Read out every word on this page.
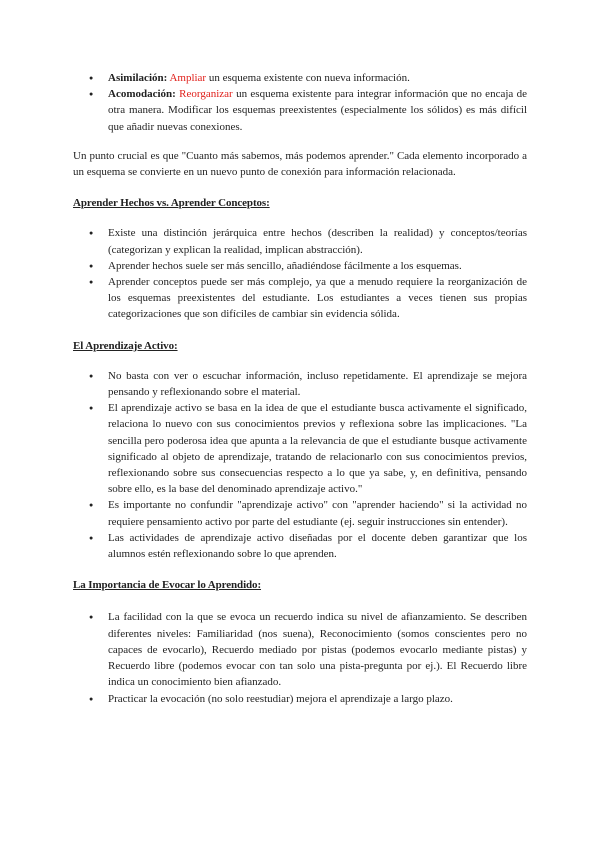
● Asimilación: Ampliar un esquema existente con nueva información.
● Acomodación: Reorganizar un esquema existente para integrar información que no encaja de otra manera. Modificar los esquemas preexistentes (especialmente los sólidos) es más difícil que añadir nuevas conexiones.

Un punto crucial es que "Cuanto más sabemos, más podemos aprender." Cada elemento incorporado a un esquema se convierte en un nuevo punto de conexión para información relacionada.

Aprender Hechos vs. Aprender Conceptos:
● Existe una distinción jerárquica entre hechos (describen la realidad) y conceptos/teorías (categorizan y explican la realidad, implican abstracción).
● Aprender hechos suele ser más sencillo, añadiéndose fácilmente a los esquemas.
● Aprender conceptos puede ser más complejo, ya que a menudo requiere la reorganización de los esquemas preexistentes del estudiante. Los estudiantes a veces tienen sus propias categorizaciones que son difíciles de cambiar sin evidencia sólida.
El Aprendizaje Activo:
● No basta con ver o escuchar información, incluso repetidamente. El aprendizaje se mejora pensando y reflexionando sobre el material.
● El aprendizaje activo se basa en la idea de que el estudiante busca activamente el significado, relaciona lo nuevo con sus conocimientos previos y reflexiona sobre las implicaciones. "La sencilla pero poderosa idea que apunta a la relevancia de que el estudiante busque activamente significado al objeto de aprendizaje, tratando de relacionarlo con sus conocimientos previos, reflexionando sobre sus consecuencias respecto a lo que ya sabe, y, en definitiva, pensando sobre ello, es la base del denominado aprendizaje activo."
● Es importante no confundir "aprendizaje activo" con "aprender haciendo" si la actividad no requiere pensamiento activo por parte del estudiante (ej. seguir instrucciones sin entender).
● Las actividades de aprendizaje activo diseñadas por el docente deben garantizar que los alumnos estén reflexionando sobre lo que aprenden.
La Importancia de Evocar lo Aprendido:
● La facilidad con la que se evoca un recuerdo indica su nivel de afianzamiento. Se describen diferentes niveles: Familiaridad (nos suena), Reconocimiento (somos conscientes pero no capaces de evocarlo), Recuerdo mediado por pistas (podemos evocarlo mediante pistas) y Recuerdo libre (podemos evocar con tan solo una pista-pregunta por ej.). El Recuerdo libre indica un conocimiento bien afianzado.
● Practicar la evocación (no solo reestudiar) mejora el aprendizaje a largo plazo.
